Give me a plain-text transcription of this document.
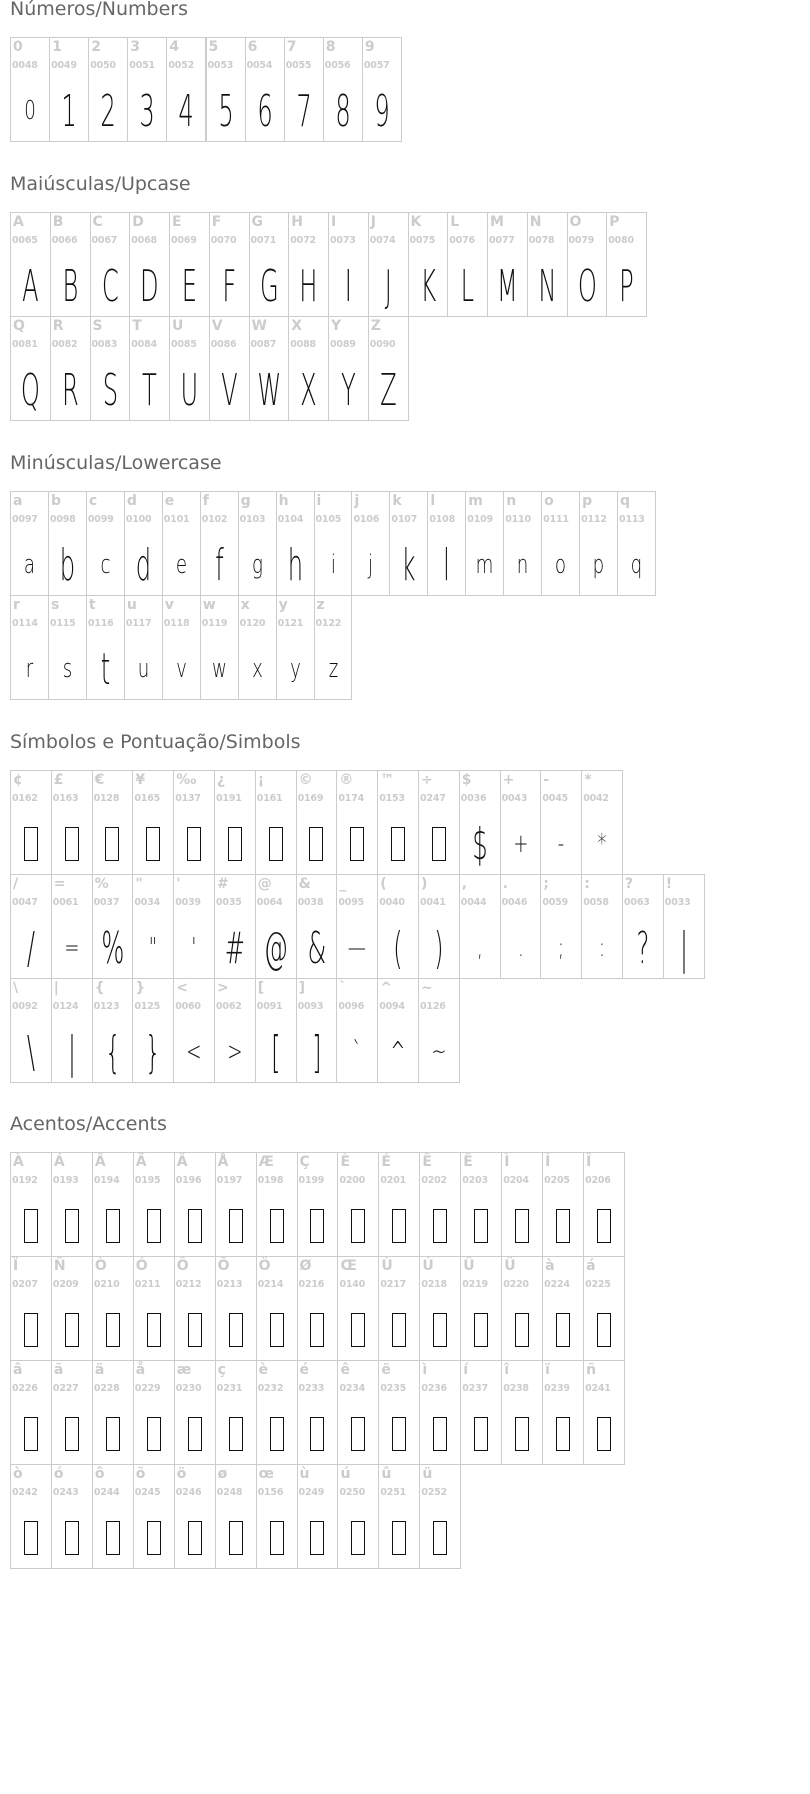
Números/Numbers
0
0048
0
1
0049
1
2
0050
2
3
0051
3
4
0052
4
5
0053
5
6
0054
6
7
0055
7
8
0056
8
9
0057
9
Maiúsculas/Upcase
A
0065
A
B
0066
B
C
0067
C
D
0068
D
E
0069
E
F
0070
F
G
0071
G
H
0072
H
I
0073
I
J
0074
J
K
0075
K
L
0076
L
M
0077
M
N
0078
N
O
0079
O
P
0080
P
Q
0081
Q
R
0082
R
S
0083
S
T
0084
T
U
0085
U
V
0086
V
W
0087
W
X
0088
X
Y
0089
Y
Z
0090
Z
Minúsculas/Lowercase
a
0097
a
b
0098
b
c
0099
c
d
0100
d
e
0101
e
f
0102
f
g
0103
g
h
0104
h
i
0105
i
j
0106
j
k
0107
k
l
0108
l
m
0109
m
n
0110
n
o
0111
o
p
0112
p
q
0113
q
r
0114
r
s
0115
s
t
0116
t
u
0117
u
v
0118
v
w
0119
w
x
0120
x
y
0121
y
z
0122
z
Símbolos e Pontuação/Simbols
¢
0162
£
0163
€
0128
¥
0165
‰
0137
¿
0191
¡
0161
©
0169
®
0174
™
0153
÷
0247
$
0036
$
+
0043
+
-
0045
-
*
0042
*
/
0047
/
=
0061
=
%
0037
%
"
0034
"
'
0039
'
#
0035
#
@
0064
@
&
0038
&
_
0095
—
(
0040
(
)
0041
)
,
0044
,
.
0046
.
;
0059
;
:
0058
:
?
0063
?
!
0033
|
\
0092
\
|
0124
|
{
0123
{
}
0125
}
<
0060
<
>
0062
>
[
0091
[
]
0093
]
`
0096
`
^
0094
^
~
0126
~
Acentos/Accents
À
0192
Á
0193
Â
0194
Ã
0195
Ä
0196
Å
0197
Æ
0198
Ç
0199
È
0200
É
0201
Ê
0202
Ë
0203
Ì
0204
Í
0205
Î
0206
Ï
0207
Ñ
0209
Ò
0210
Ó
0211
Ô
0212
Õ
0213
Ö
0214
Ø
0216
Œ
0140
Ù
0217
Ú
0218
Û
0219
Ü
0220
à
0224
á
0225
â
0226
ã
0227
ä
0228
å
0229
æ
0230
ç
0231
è
0232
é
0233
ê
0234
ë
0235
ì
0236
í
0237
î
0238
ï
0239
ñ
0241
ò
0242
ó
0243
ô
0244
õ
0245
ö
0246
ø
0248
œ
0156
ù
0249
ú
0250
û
0251
ü
0252
